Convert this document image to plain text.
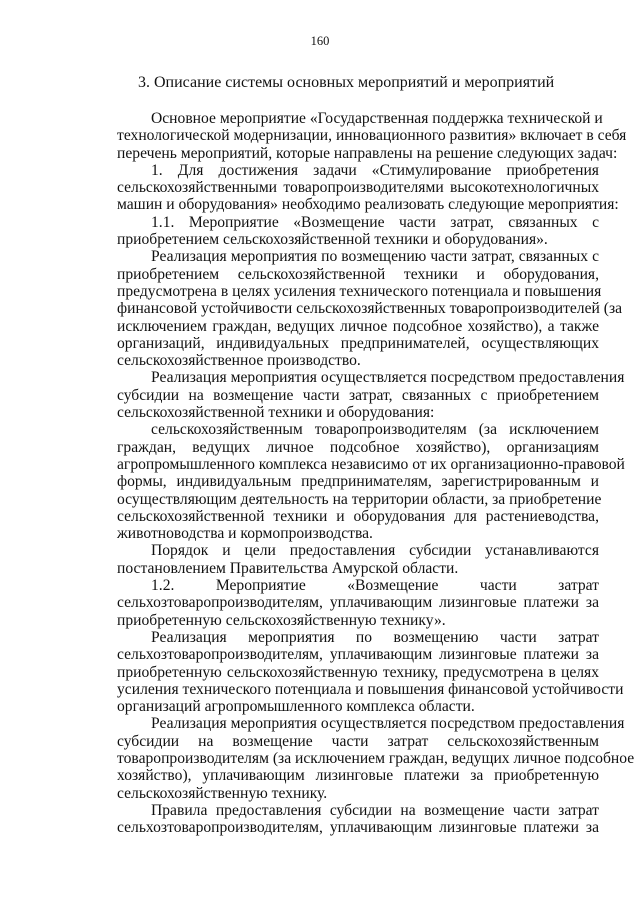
160
3. Описание системы основных мероприятий и мероприятий
Основное мероприятие «Государственная поддержка технической и
технологической модернизации, инновационного развития» включает в себя
перечень мероприятий, которые направлены на решение следующих задач:
1. Для достижения задачи «Стимулирование приобретения
сельскохозяйственными товаропроизводителями высокотехнологичных
машин и оборудования» необходимо реализовать следующие мероприятия:
1.1. Мероприятие «Возмещение части затрат, связанных с
приобретением сельскохозяйственной техники и оборудования».
Реализация мероприятия по возмещению части затрат, связанных с
приобретением сельскохозяйственной техники и оборудования,
предусмотрена в целях усиления технического потенциала и повышения
финансовой устойчивости сельскохозяйственных товаропроизводителей (за
исключением граждан, ведущих личное подсобное хозяйство), а также
организаций, индивидуальных предпринимателей, осуществляющих
сельскохозяйственное производство.
Реализация мероприятия осуществляется посредством предоставления
субсидии на возмещение части затрат, связанных с приобретением
сельскохозяйственной техники и оборудования:
сельскохозяйственным товаропроизводителям (за исключением
граждан, ведущих личное подсобное хозяйство), организациям
агропромышленного комплекса независимо от их организационно-правовой
формы, индивидуальным предпринимателям, зарегистрированным и
осуществляющим деятельность на территории области, за приобретение
сельскохозяйственной техники и оборудования для растениеводства,
животноводства и кормопроизводства.
Порядок и цели предоставления субсидии устанавливаются
постановлением Правительства Амурской области.
1.2. Мероприятие «Возмещение части затрат
сельхозтоваропроизводителям, уплачивающим лизинговые платежи за
приобретенную сельскохозяйственную технику».
Реализация мероприятия по возмещению части затрат
сельхозтоваропроизводителям, уплачивающим лизинговые платежи за
приобретенную сельскохозяйственную технику, предусмотрена в целях
усиления технического потенциала и повышения финансовой устойчивости
организаций агропромышленного комплекса области.
Реализация мероприятия осуществляется посредством предоставления
субсидии на возмещение части затрат сельскохозяйственным
товаропроизводителям (за исключением граждан, ведущих личное подсобное
хозяйство), уплачивающим лизинговые платежи за приобретенную
сельскохозяйственную технику.
Правила предоставления субсидии на возмещение части затрат
сельхозтоваропроизводителям, уплачивающим лизинговые платежи за
